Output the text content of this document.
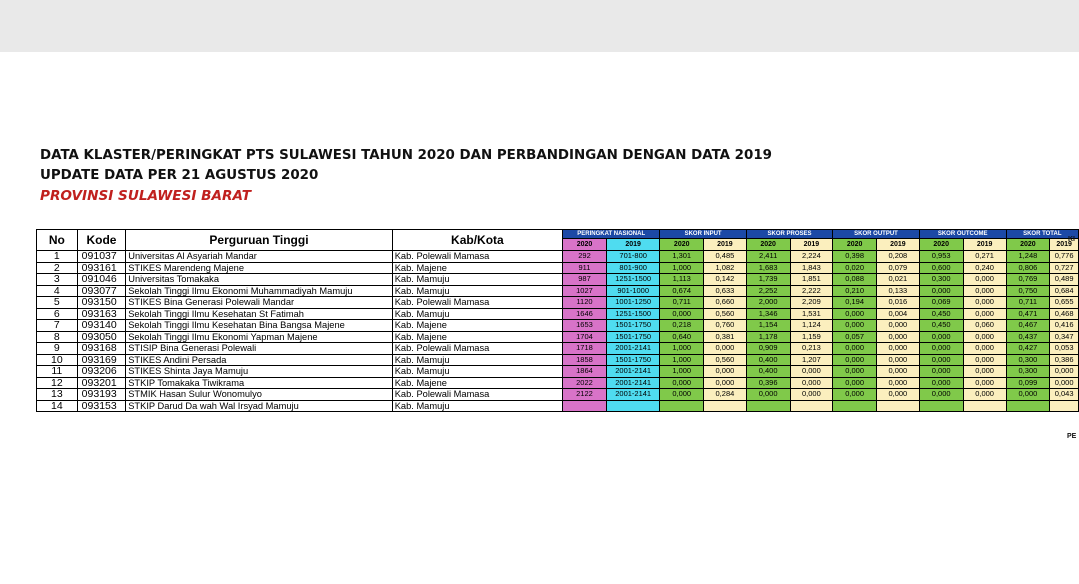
DATA KLASTER/PERINGKAT PTS SULAWESI TAHUN 2020 DAN PERBANDINGAN DENGAN DATA 2019
UPDATE DATA PER 21 AGUSTUS 2020
PROVINSI SULAWESI BARAT
No	Kode	Perguruan Tinggi	Kab/Kota	PERINGKAT NASIONAL		SKOR INPUT		SKOR PROSES		SKOR OUTPUT		SKOR OUTCOME		SKOR TOTAL	
				2020	2019	2020	2019	2020	2019	2020	2019	2020	2019	2020	2019
1	091037	Universitas Al Asyariah Mandar	Kab. Polewali Mamasa	292	701-800	1,301	0,485	2,411	2,224	0,398	0,208	0,953	0,271	1,248	0,776
2	093161	STIKES Marendeng Majene	Kab. Majene	911	801-900	1,000	1,082	1,683	1,843	0,020	0,079	0,600	0,240	0,806	0,727
3	091046	Universitas Tomakaka	Kab. Mamuju	987	1251-1500	1,113	0,142	1,739	1,851	0,088	0,021	0,300	0,000	0,769	0,489
4	093077	Sekolah Tinggi Ilmu Ekonomi Muhammadiyah Mamuju	Kab. Mamuju	1027	901-1000	0,674	0,633	2,252	2,222	0,210	0,133	0,000	0,000	0,750	0,684
5	093150	STIKES Bina Generasi Polewali Mandar	Kab. Polewali Mamasa	1120	1001-1250	0,711	0,660	2,000	2,209	0,194	0,016	0,069	0,000	0,711	0,655
6	093163	Sekolah Tinggi Ilmu Kesehatan St Fatimah	Kab. Mamuju	1646	1251-1500	0,000	0,560	1,346	1,531	0,000	0,004	0,450	0,000	0,471	0,468
7	093140	Sekolah Tinggi Ilmu Kesehatan Bina Bangsa Majene	Kab. Majene	1653	1501-1750	0,218	0,760	1,154	1,124	0,000	0,000	0,450	0,060	0,467	0,416
8	093050	Sekolah Tinggi Ilmu Ekonomi Yapman Majene	Kab. Majene	1704	1501-1750	0,640	0,381	1,178	1,159	0,057	0,000	0,000	0,000	0,437	0,347
9	093168	STISIP Bina Generasi Polewali	Kab. Polewali Mamasa	1718	2001-2141	1,000	0,000	0,909	0,213	0,000	0,000	0,000	0,000	0,427	0,053
10	093169	STIKES Andini Persada	Kab. Mamuju	1858	1501-1750	1,000	0,560	0,400	1,207	0,000	0,000	0,000	0,000	0,300	0,386
11	093206	STIKES Shinta Jaya Mamuju	Kab. Mamuju	1864	2001-2141	1,000	0,000	0,400	0,000	0,000	0,000	0,000	0,000	0,300	0,000
12	093201	STKIP Tomakaka Tiwikrama	Kab. Majene	2022	2001-2141	0,000	0,000	0,396	0,000	0,000	0,000	0,000	0,000	0,099	0,000
13	093193	STMIK Hasan Sulur Wonomulyo	Kab. Polewali Mamasa	2122	2001-2141	0,000	0,284	0,000	0,000	0,000	0,000	0,000	0,000	0,000	0,043
14	093153	STKIP Darud Da wah Wal Irsyad Mamuju	Kab. Mamuju												
KI
PE
